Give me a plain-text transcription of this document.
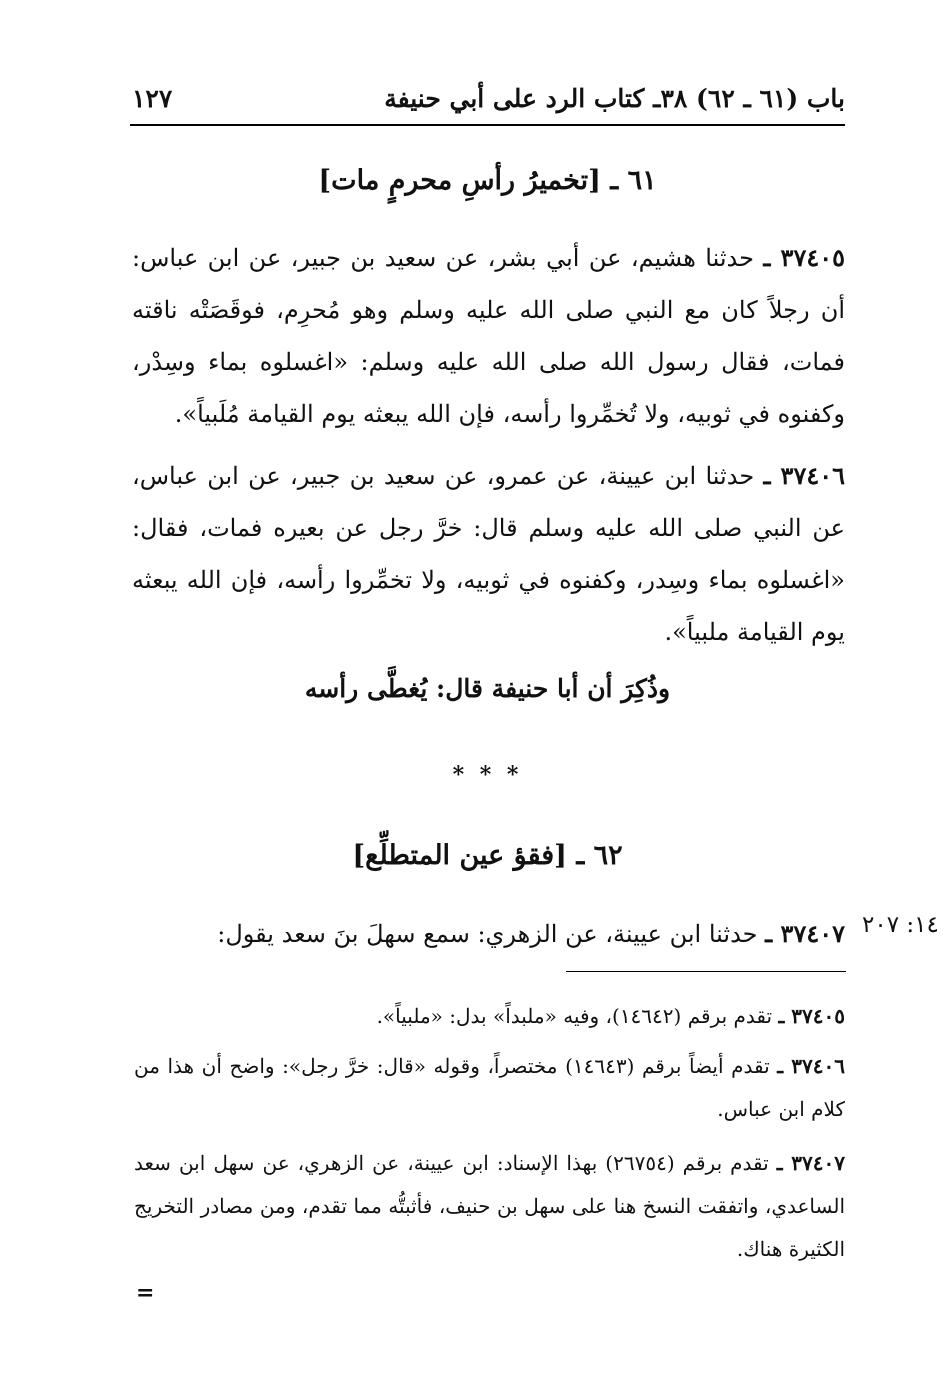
باب (٦١ ـ ٦٢) ٣٨ـ كتاب الرد على أبي حنيفة
١٢٧
٦١ ـ [تخميرُ رأسِ محرمٍ مات]
٣٧٤٠٥ ـ حدثنا هشيم، عن أبي بشر، عن سعيد بن جبير، عن ابن عباس: أن رجلاً كان مع النبي صلى الله عليه وسلم وهو مُحرِم، فوقَصَتْه ناقته فمات، فقال رسول الله صلى الله عليه وسلم: «اغسلوه بماء وسِدْر، وكفنوه في ثوبيه، ولا تُخمِّروا رأسه، فإن الله يبعثه يوم القيامة مُلَبياً».
٣٧٤٠٦ ـ حدثنا ابن عيينة، عن عمرو، عن سعيد بن جبير، عن ابن عباس، عن النبي صلى الله عليه وسلم قال: خرَّ رجل عن بعيره فمات، فقال: «اغسلوه بماء وسِدر، وكفنوه في ثوبيه، ولا تخمِّروا رأسه، فإن الله يبعثه يوم القيامة ملبياً».
وذُكِرَ أن أبا حنيفة قال: يُغطَّى رأسه
* * *
٦٢ ـ [فقؤ عين المتطلِّع]
٣٧٤٠٧ ـ حدثنا ابن عيينة، عن الزهري: سمع سهلَ بنَ سعد يقول:	١٤: ٢٠٧
٣٧٤٠٥ ـ تقدم برقم (١٤٦٤٢)، وفيه «ملبداً» بدل: «ملبياً».
٣٧٤٠٦ ـ تقدم أيضاً برقم (١٤٦٤٣) مختصراً، وقوله «قال: خرَّ رجل»: واضح أن هذا من كلام ابن عباس.
٣٧٤٠٧ ـ تقدم برقم (٢٦٧٥٤) بهذا الإسناد: ابن عيينة، عن الزهري، عن سهل ابن سعد الساعدي، واتفقت النسخ هنا على سهل بن حنيف، فأثبتُّه مما تقدم، ومن مصادر التخريج الكثيرة هناك.
=
